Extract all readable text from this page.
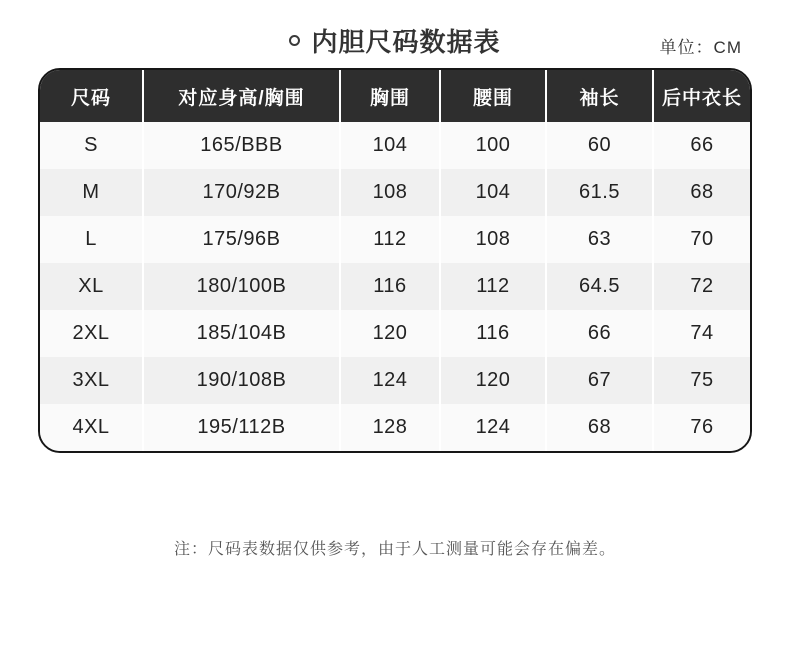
内胆尺码数据表	单位：CM
尺码	对应身高/胸围	胸围	腰围	袖长	后中衣长
S	165/BBB	104	100	60	66
M	170/92B	108	104	61.5	68
L	175/96B	112	108	63	70
XL	180/100B	116	112	64.5	72
2XL	185/104B	120	116	66	74
3XL	190/108B	124	120	67	75
4XL	195/112B	128	124	68	76
注：尺码表数据仅供参考，由于人工测量可能会存在偏差。
